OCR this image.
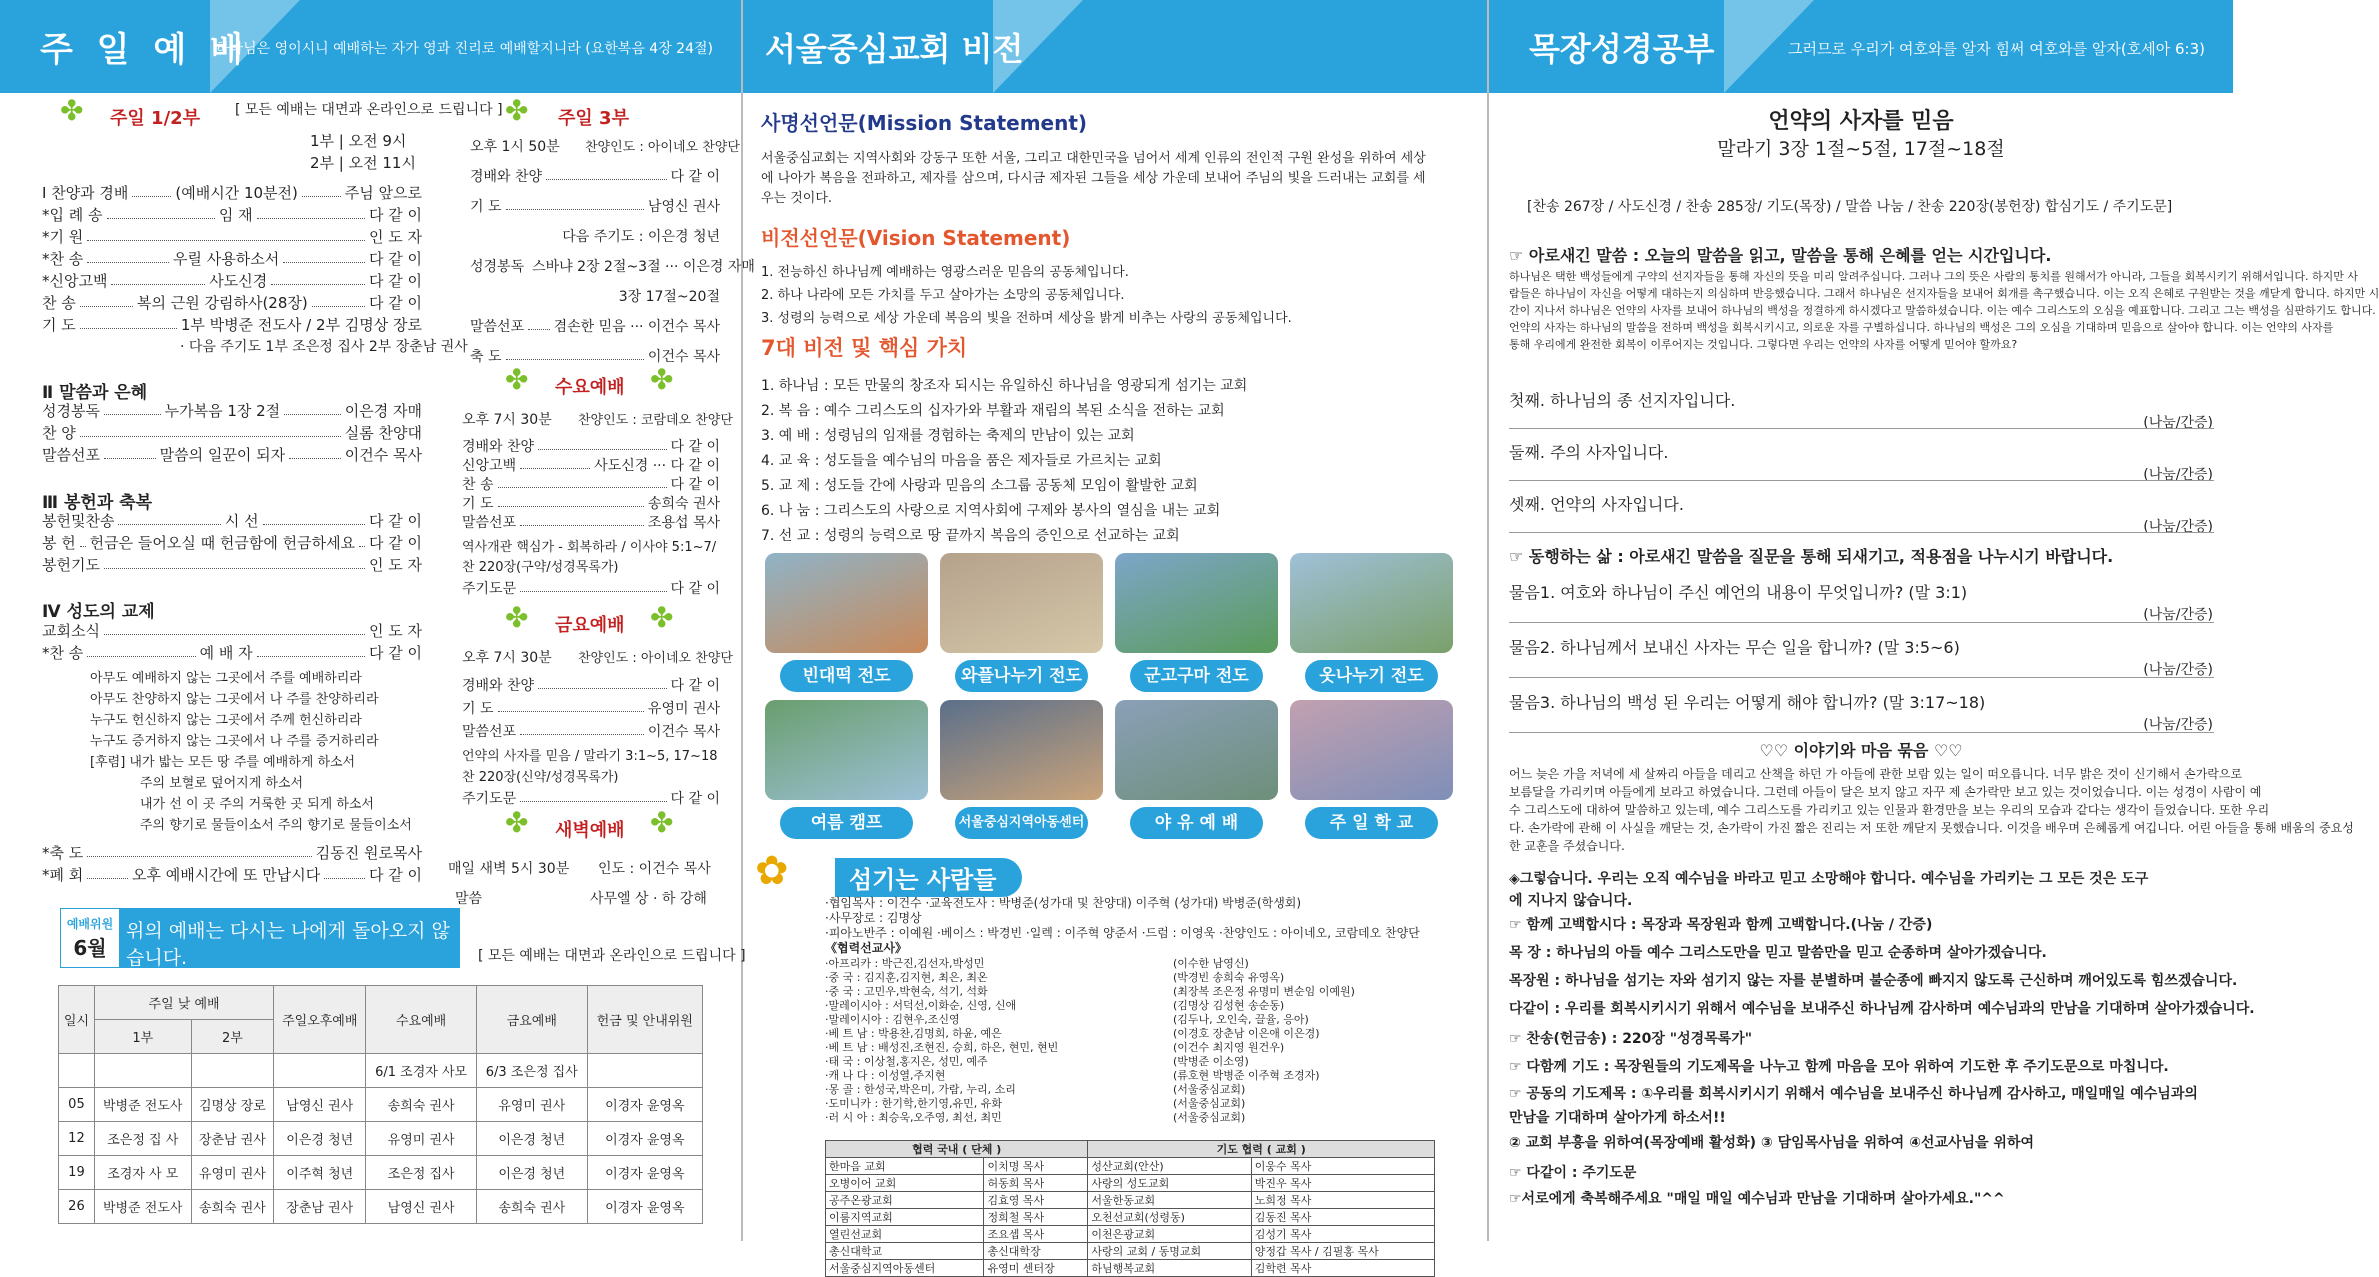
주 일 예 배
하나님은 영이시니 예배하는 자가 영과 진리로 예배할지니라 (요한복음 4장 24절)
[ 모든 예배는 대면과 온라인으로 드립니다 ]
✤ 주일 1/2부
1부 | 오전 9시
2부 | 오전 11시
Ⅰ 찬양과 경배	(예배시간 10분전)	주님 앞으로
*입 례 송	임 재	다 같 이
*기 원	인 도 자
*찬 송	우릴 사용하소서	다 같 이
*신앙고백	사도신경	다 같 이
찬 송	복의 근원 강림하사(28장)	다 같 이
기 도	1부 박병준 전도사 / 2부 김명상 장로
· 다음 주기도 1부 조은정 집사 2부 장춘남 권사
Ⅱ 말씀과 은혜
성경봉독	누가복음 1장 2절	이은경 자매
찬 양	실롬 찬양대
말씀선포	말씀의 일꾼이 되자	이건수 목사
Ⅲ 봉헌과 축복
봉헌및찬송	시 선	다 같 이
봉 헌 헌금은 들어오실 때 헌금함에 헌금하세요 다 같 이
봉헌기도	인 도 자
Ⅳ 성도의 교제
교회소식	인 도 자
*찬 송	예 배 자	다 같 이
아무도 예배하지 않는 그곳에서 주를 예배하리라
아무도 찬양하지 않는 그곳에서 나 주를 찬양하리라
누구도 헌신하지 않는 그곳에서 주께 헌신하리라
누구도 증거하지 않는 그곳에서 나 주를 증거하리라
[후렴] 내가 밟는 모든 땅 주를 예배하게 하소서
주의 보혈로 덮어지게 하소서
내가 선 이 곳 주의 거룩한 곳 되게 하소서
주의 향기로 물들이소서 주의 향기로 물들이소서
*축 도	김동진 원로목사
*폐 회	오후 예배시간에 또 만납시다	다 같 이
✤ 주일 3부
오후 1시 50분 찬양인도 : 아이네오 찬양단
경배와 찬양	다 같 이
기 도	남영신 권사
다음 주기도 : 이은경 청년
성경봉독 스바냐 2장 2절~3절 ··· 이은경 자매
3장 17절~20절
말씀선포 겸손한 믿음 ··· 이건수 목사
축 도	이건수 목사
✤ 수요예배 ✤
오후 7시 30분 찬양인도 : 코람데오 찬양단
경배와 찬양	다 같 이
신앙고백	사도신경 ··· 다 같 이
찬 송	다 같 이
기 도	송희숙 권사
말씀선포	조용섭 목사
역사개관 핵심가 - 회복하라 / 이사야 5:1~7/
찬 220장(구약/성경목록가)
주기도문	다 같 이
✤ 금요예배 ✤
오후 7시 30분 찬양인도 : 아이네오 찬양단
경배와 찬양	다 같 이
기 도	유영미 권사
말씀선포	이건수 목사
언약의 사자를 믿음 / 말라기 3:1~5, 17~18
찬 220장(신약/성경목록가)
주기도문	다 같 이
✤ 새벽예배 ✤
매일 새벽 5시 30분 인도 : 이건수 목사
말씀	사무엘 상 · 하 강해
예배위원
6월
위의 예배는 다시는 나에게 돌아오지 않습니다.
예배위원은 예배시작 20분 전에 도착하여 기도로 준비합시다.
[ 모든 예배는 대면과 온라인으로 드립니다 ]
일시	주일 낮 예배		주일오후예배	수요예배	금요예배	헌금 및 안내위원
	1부	2부				
				6/1 조경자 사모	6/3 조은정 집사	
05	박병준 전도사	김명상 장로	남영신 권사	송희숙 권사	유영미 권사	이경자 윤영옥
12	조은정 집 사	장춘남 권사	이은경 청년	유영미 권사	이은경 청년	이경자 윤영옥
19	조경자 사 모	유영미 권사	이주혁 청년	조은정 집사	이은경 청년	이경자 윤영옥
26	박병준 전도사	송희숙 권사	장춘남 권사	남영신 권사	송희숙 권사	이경자 윤영옥
서울중심교회 비전
사명선언문(Mission Statement)
서울중심교회는 지역사회와 강동구 또한 서울, 그리고 대한민국을 넘어서 세계 인류의 전인적 구원 완성을 위하여 세상
에 나아가 복음을 전파하고, 제자를 삼으며, 다시금 제자된 그들을 세상 가운데 보내어 주님의 빛을 드러내는 교회를 세
우는 것이다.
비전선언문(Vision Statement)
1. 전능하신 하나님께 예배하는 영광스러운 믿음의 공동체입니다.
2. 하나 나라에 모든 가치를 두고 살아가는 소망의 공동체입니다.
3. 성령의 능력으로 세상 가운데 복음의 빛을 전하며 세상을 밝게 비추는 사랑의 공동체입니다.
7대 비전 및 핵심 가치
1. 하나님 : 모든 만물의 창조자 되시는 유일하신 하나님을 영광되게 섬기는 교회
2. 복 음 : 예수 그리스도의 십자가와 부활과 재림의 복된 소식을 전하는 교회
3. 예 배 : 성령님의 임재를 경험하는 축제의 만남이 있는 교회
4. 교 육 : 성도들을 예수님의 마음을 품은 제자들로 가르치는 교회
5. 교 제 : 성도들 간에 사랑과 믿음의 소그룹 공동체 모임이 활발한 교회
6. 나 눔 : 그리스도의 사랑으로 지역사회에 구제와 봉사의 열심을 내는 교회
7. 선 교 : 성령의 능력으로 땅 끝까지 복음의 증인으로 선교하는 교회
빈대떡 전도	와플나누기 전도	군고구마 전도	옷나누기 전도
여름 캠프	서울중심지역아동센터	야 유 예 배	주 일 학 교
✿	섬기는 사람들
·협임목사 : 이건수 ·교육전도사 : 박병준(성가대 및 찬양대) 이주혁 (성가대) 박병준(학생회)
·사무장로 : 김명상
·피아노반주 : 이예원 ·베이스 : 박경빈 ·일렉 : 이주혁 양준서 ·드럼 : 이영욱 ·찬양인도 : 아이네오, 코람데오 찬양단
《협력선교사》
·아프리카 : 박근진,김선자,박성민	(이수한 남영신)
·중 국 : 김지훈,김지현, 최은, 최온	(박경빈 송희숙 유영옥)
·중 국 : 고민우,박현숙, 석기, 석화	(최장복 조은정 유명미 변순임 이예원)
·말레이시아 : 서덕선,이화순, 신영, 신애	(김명상 김성현 송순동)
·말레이시아 : 김현우,조신영	(김두나, 오인숙, 끌율, 응아)
·베 트 남 : 박용찬,김명희, 하윤, 예은	(이경호 장춘남 이은애 이은경)
·베 트 남 : 배성진,조현진, 승희, 하은, 현민, 현빈	(이건수 최지영 원건우)
·태 국 : 이상철,홍지은, 성민, 예주	(박병준 이소영)
·캐 나 다 : 이성열,주지현	(류호현 박병준 이주혁 조경자)
·몽 골 : 한성국,박은미, 가람, 누리, 소리	(서울중심교회)
·도미니카 : 한기학,한기영,유민, 유화	(서울중심교회)
·러 시 아 : 최승욱,오주영, 최선, 최민	(서울중심교회)
협력 국내 ( 단체 )		기도 협력 ( 교회 )	
한마음 교회	이치명 목사	성산교회(안산)	이웅수 목사
오병이어 교회	허동희 목사	사랑의 성도교회	박진우 목사
공주온광교회	김효영 목사	서울한동교회	노희정 목사
이룸지역교회	정희철 목사	오천선교회(성령동)	김동진 목사
열린선교회	조요셉 목사	이천은광교회	김성기 목사
총신대학교	총신대학장	사랑의 교회 / 동명교회	양정갑 목사 / 김필홍 목사
서울중심지역아동센터	유영미 센터장	하님행복교회	김학련 목사
목장성경공부	그러므로 우리가 여호와를 알자 힘써 여호와를 알자(호세아 6:3)
언약의 사자를 믿음
말라기 3장 1절~5절, 17절~18절
[찬송 267장 / 사도신경 / 찬송 285장/ 기도(목장) / 말씀 나눔 / 찬송 220장(봉헌장) 합심기도 / 주기도문]
☞ 아로새긴 말씀 : 오늘의 말씀을 읽고, 말씀을 통해 은혜를 얻는 시간입니다.
하나님은 택한 백성들에게 구약의 선지자들을 통해 자신의 뜻을 미리 알려주십니다. 그러나 그의 뜻은 사람의 통치를 원해서가 아니라, 그들을 회복시키기 위해서입니다. 하지만 사
람들은 하나님이 자신을 어떻게 대하는지 의심하며 반응했습니다. 그래서 하나님은 선지자들을 보내어 회개를 촉구했습니다. 이는 오직 은혜로 구원받는 것을 깨닫게 합니다. 하지만 시
간이 지나서 하나님은 언약의 사자를 보내어 하나님의 백성을 정결하게 하시겠다고 말씀하셨습니다. 이는 예수 그리스도의 오심을 예표합니다. 그리고 그는 백성을 심판하기도 합니다.
언약의 사자는 하나님의 말씀을 전하며 백성을 회복시키시고, 의로운 자를 구별하십니다. 하나님의 백성은 그의 오심을 기대하며 믿음으로 살아야 합니다. 이는 언약의 사자를
통해 우리에게 완전한 회복이 이루어지는 것입니다. 그렇다면 우리는 언약의 사자를 어떻게 믿어야 할까요?
첫째. 하나님의 종 선지자입니다.
(나눔/간증)
둘째. 주의 사자입니다.
(나눔/간증)
셋째. 언약의 사자입니다.
(나눔/간증)
☞ 동행하는 삶 : 아로새긴 말씀을 질문을 통해 되새기고, 적용점을 나누시기 바랍니다.
물음1. 여호와 하나님이 주신 예언의 내용이 무엇입니까? (말 3:1)
(나눔/간증)
물음2. 하나님께서 보내신 사자는 무슨 일을 합니까? (말 3:5~6)
(나눔/간증)
물음3. 하나님의 백성 된 우리는 어떻게 해야 합니까? (말 3:17~18)
(나눔/간증)
♡♡ 이야기와 마음 묶음 ♡♡
어느 늦은 가을 저녁에 세 살짜리 아들을 데리고 산책을 하던 가 아들에 관한 보람 있는 일이 떠오릅니다. 너무 밝은 것이 신기해서 손가락으로
보름달을 가리키며 아들에게 보라고 하였습니다. 그런데 아들이 달은 보지 않고 자꾸 제 손가락만 보고 있는 것이었습니다. 이는 성경이 사람이 예
수 그리스도에 대하여 말씀하고 있는데, 예수 그리스도를 가리키고 있는 인물과 환경만을 보는 우리의 모습과 같다는 생각이 들었습니다. 또한 우리
다. 손가락에 관해 이 사실을 깨닫는 것, 손가락이 가진 짧은 진리는 저 또한 깨닫지 못했습니다. 이것을 배우며 은혜롭게 여깁니다. 어린 아들을 통해 배움의 중요성
한 교훈을 주셨습니다.
◈그렇습니다. 우리는 오직 예수님을 바라고 믿고 소망해야 합니다. 예수님을 가리키는 그 모든 것은 도구
에 지나지 않습니다.
☞ 함께 고백합시다 : 목장과 목장원과 함께 고백합니다.(나눔 / 간증)
목 장 : 하나님의 아들 예수 그리스도만을 믿고 말씀만을 믿고 순종하며 살아가겠습니다.
목장원 : 하나님을 섬기는 자와 섬기지 않는 자를 분별하며 불순종에 빠지지 않도록 근신하며 깨어있도록 힘쓰겠습니다.
다같이 : 우리를 회복시키시기 위해서 예수님을 보내주신 하나님께 감사하며 예수님과의 만남을 기대하며 살아가겠습니다.
☞ 찬송(헌금송) : 220장 "성경목록가"
☞ 다함께 기도 : 목장원들의 기도제목을 나누고 함께 마음을 모아 위하여 기도한 후 주기도문으로 마칩니다.
☞ 공동의 기도제목 : ①우리를 회복시키시기 위해서 예수님을 보내주신 하나님께 감사하고, 매일매일 예수님과의
만남을 기대하며 살아가게 하소서!!
② 교회 부흥을 위하여(목장예배 활성화) ③ 담임목사님을 위하여 ④선교사님을 위하여
☞ 다같이 : 주기도문
☞서로에게 축복해주세요 "매일 매일 예수님과 만남을 기대하며 살아가세요."^^
